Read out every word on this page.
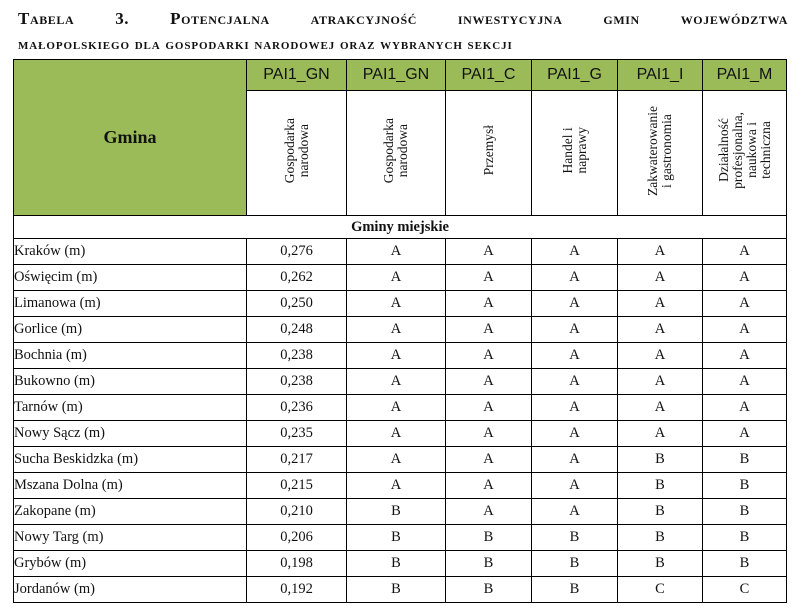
Tabela 3. Potencjalna atrakcyjność inwestycyjna gmin województwa
małopolskiego dla gospodarki narodowej oraz wybranych sekcji
Gmina	PAI1_GN	PAI1_GN	PAI1_C	PAI1_G	PAI1_I	PAI1_M
	Gospodarka
narodowa	Gospodarka
narodowa	Przemysł	Handel i
naprawy	Zakwaterowanie
i gastronomia	Działalność
profesjonalna,
naukowa i
techniczna
Gminy miejskie						
Kraków (m)	0,276	A	A	A	A	A
Oświęcim (m)	0,262	A	A	A	A	A
Limanowa (m)	0,250	A	A	A	A	A
Gorlice (m)	0,248	A	A	A	A	A
Bochnia (m)	0,238	A	A	A	A	A
Bukowno (m)	0,238	A	A	A	A	A
Tarnów (m)	0,236	A	A	A	A	A
Nowy Sącz (m)	0,235	A	A	A	A	A
Sucha Beskidzka (m)	0,217	A	A	A	B	B
Mszana Dolna (m)	0,215	A	A	A	B	B
Zakopane (m)	0,210	B	A	A	B	B
Nowy Targ (m)	0,206	B	B	B	B	B
Grybów (m)	0,198	B	B	B	B	B
Jordanów (m)	0,192	B	B	B	C	C
